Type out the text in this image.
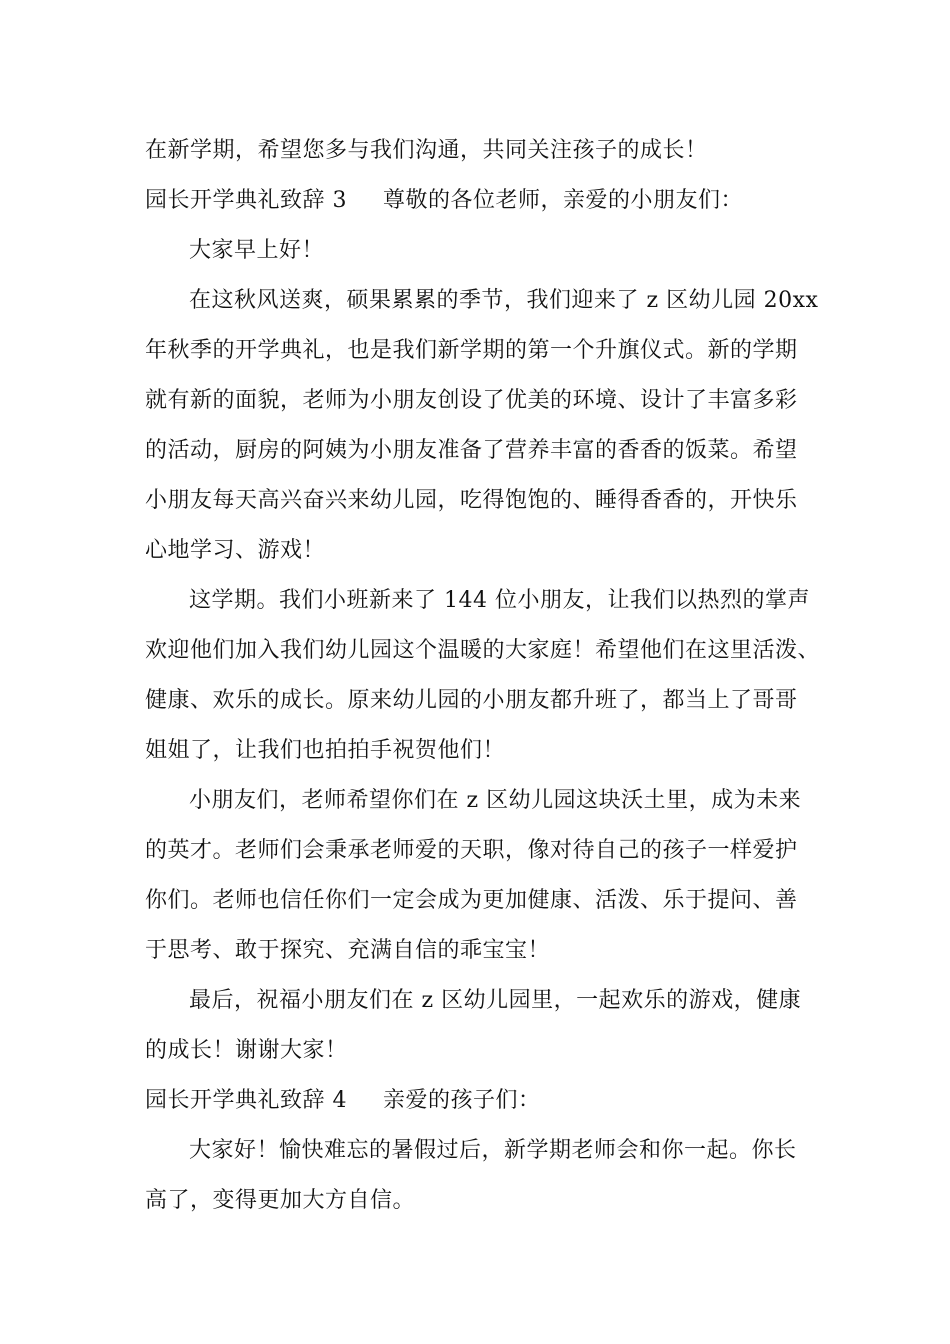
在新学期，希望您多与我们沟通，共同关注孩子的成长！
园长开学典礼致辞 3 尊敬的各位老师，亲爱的小朋友们：
大家早上好！
在这秋风送爽，硕果累累的季节，我们迎来了 z 区幼儿园 20xx
年秋季的开学典礼，也是我们新学期的第一个升旗仪式。新的学期
就有新的面貌，老师为小朋友创设了优美的环境、设计了丰富多彩
的活动，厨房的阿姨为小朋友准备了营养丰富的香香的饭菜。希望
小朋友每天高兴奋兴来幼儿园，吃得饱饱的、睡得香香的，开快乐
心地学习、游戏！
这学期。我们小班新来了 144 位小朋友，让我们以热烈的掌声
欢迎他们加入我们幼儿园这个温暖的大家庭！希望他们在这里活泼、
健康、欢乐的成长。原来幼儿园的小朋友都升班了，都当上了哥哥
姐姐了，让我们也拍拍手祝贺他们！
小朋友们，老师希望你们在 z 区幼儿园这块沃土里，成为未来
的英才。老师们会秉承老师爱的天职，像对待自己的孩子一样爱护
你们。老师也信任你们一定会成为更加健康、活泼、乐于提问、善
于思考、敢于探究、充满自信的乖宝宝！
最后，祝福小朋友们在 z 区幼儿园里，一起欢乐的游戏，健康
的成长！谢谢大家！
园长开学典礼致辞 4 亲爱的孩子们：
大家好！愉快难忘的暑假过后，新学期老师会和你一起。你长
高了，变得更加大方自信。
